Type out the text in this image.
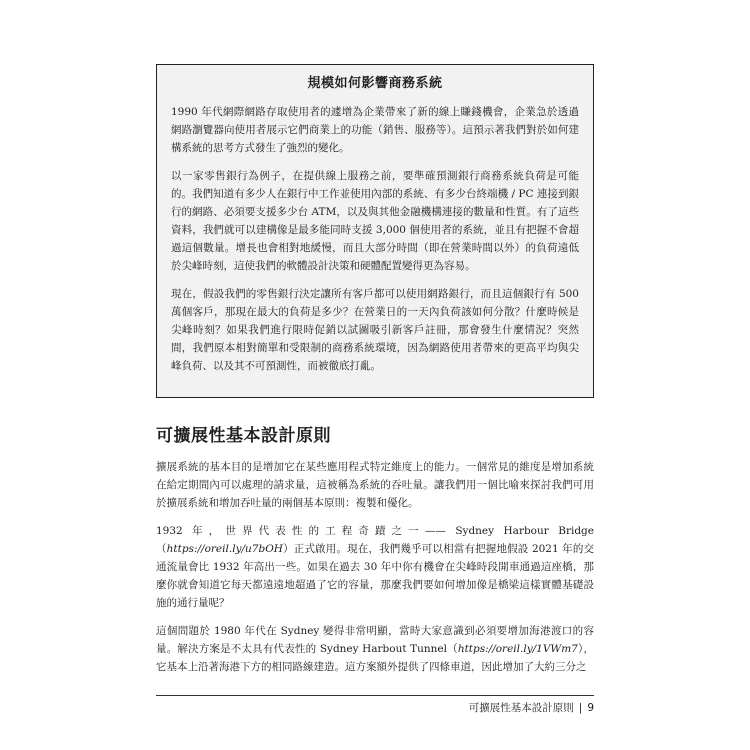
規模如何影響商務系統

1990 年代網際網路存取使用者的遽增為企業帶來了新的線上賺錢機會，企業急於透過網路瀏覽器向使用者展示它們商業上的功能（銷售、服務等）。這預示著我們對於如何建構系統的思考方式發生了強烈的變化。

以一家零售銀行為例子，在提供線上服務之前，要準確預測銀行商務系統負荷是可能的。我們知道有多少人在銀行中工作並使用內部的系統、有多少台終端機 / PC 連接到銀行的網路、必須要支援多少台 ATM，以及與其他金融機構連接的數量和性質。有了這些資料，我們就可以建構像是最多能同時支援 3,000 個使用者的系統，並且有把握不會超過這個數量。增長也會相對地緩慢，而且大部分時間（即在營業時間以外）的負荷遠低於尖峰時刻，這使我們的軟體設計決策和硬體配置變得更為容易。

現在，假設我們的零售銀行決定讓所有客戶都可以使用網路銀行，而且這個銀行有 500 萬個客戶，那現在最大的負荷是多少？在營業日的一天內負荷該如何分散？什麼時候是尖峰時刻？如果我們進行限時促銷以試圖吸引新客戶註冊，那會發生什麼情況？突然間，我們原本相對簡單和受限制的商務系統環境，因為網路使用者帶來的更高平均與尖峰負荷、以及其不可預測性，而被徹底打亂。

可擴展性基本設計原則

擴展系統的基本目的是增加它在某些應用程式特定維度上的能力。一個常見的維度是增加系統在給定期間內可以處理的請求量，這被稱為系統的吞吐量。讓我們用一個比喻來探討我們可用於擴展系統和增加吞吐量的兩個基本原則：複製和優化。

1932 年，世界代表性的工程奇蹟之一—— Sydney Harbour Bridge（https://oreil.ly/u7bOH）正式啟用。現在，我們幾乎可以相當有把握地假設 2021 年的交通流量會比 1932 年高出一些。如果在過去 30 年中你有機會在尖峰時段開車通過這座橋，那麼你就會知道它每天都遠遠地超過了它的容量，那麼我們要如何增加像是橋梁這樣實體基礎設施的通行量呢？

這個問題於 1980 年代在 Sydney 變得非常明顯，當時大家意識到必須要增加海港渡口的容量。解決方案是不太具有代表性的 Sydney Harbout Tunnel（https://oreil.ly/1VWm7），它基本上沿著海港下方的相同路線建造。這方案額外提供了四條車道，因此增加了大約三分之

可擴展性基本設計原則 | 9
